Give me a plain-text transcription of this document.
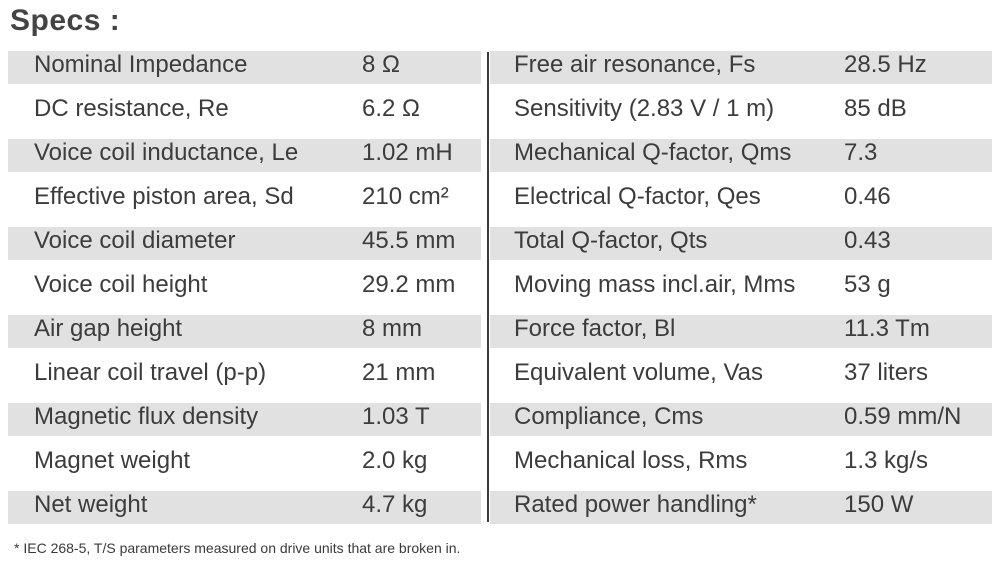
Specs :
Nominal Impedance	8 Ω	Free air resonance, Fs	28.5 Hz
DC resistance, Re	6.2 Ω	Sensitivity (2.83 V / 1 m)	85 dB
Voice coil inductance, Le	1.02 mH	Mechanical Q-factor, Qms 7.3
Effective piston area, Sd	210 cm²	Electrical Q-factor, Qes	0.46
Voice coil diameter	45.5 mm Total Q-factor, Qts	0.43
Voice coil height	29.2 mm Moving mass incl.air, Mms 53 g
Air gap height	8 mm	Force factor, Bl	11.3 Tm
Linear coil travel (p-p)	21 mm	Equivalent volume, Vas	37 liters
Magnetic flux density	1.03 T	Compliance, Cms	0.59 mm/N
Magnet weight	2.0 kg	Mechanical loss, Rms	1.3 kg/s
Net weight	4.7 kg	Rated power handling*	150 W
* IEC 268-5, T/S parameters measured on drive units that are broken in.
